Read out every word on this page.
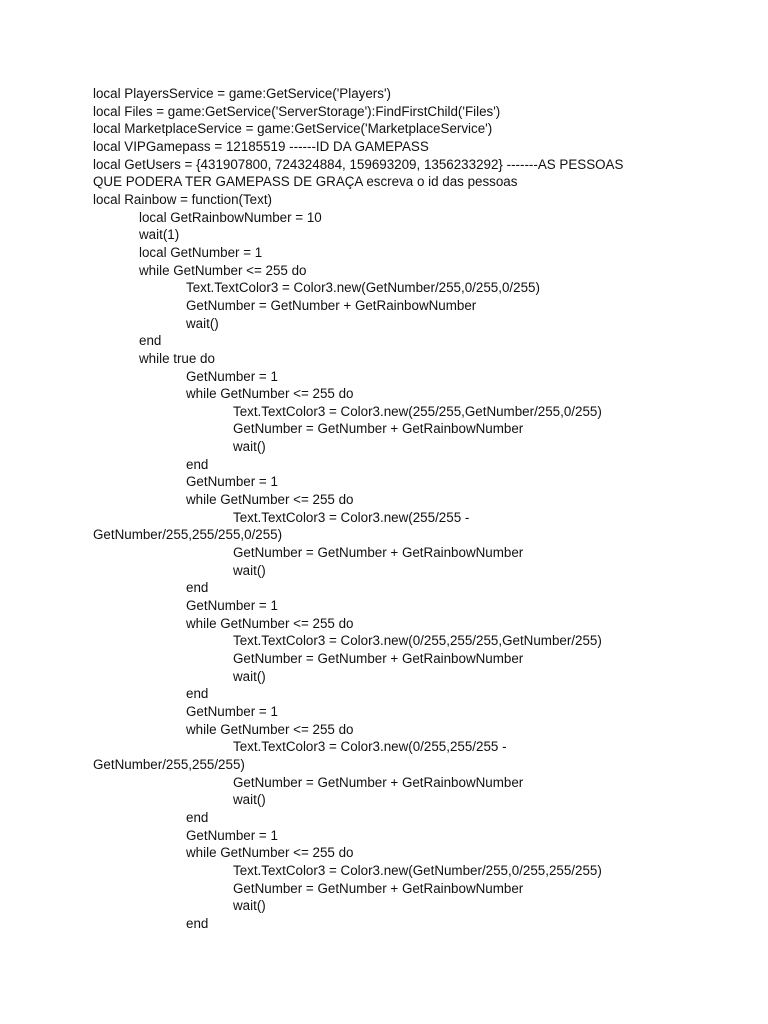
local PlayersService = game:GetService('Players')
local Files = game:GetService('ServerStorage'):FindFirstChild('Files')
local MarketplaceService = game:GetService('MarketplaceService')
local VIPGamepass = 12185519 ------ID DA GAMEPASS
local GetUsers = {431907800, 724324884, 159693209, 1356233292} -------AS PESSOAS
QUE PODERA TER GAMEPASS DE GRAÇA escreva o id das pessoas
local Rainbow = function(Text)
local GetRainbowNumber = 10
wait(1)
local GetNumber = 1
while GetNumber <= 255 do
Text.TextColor3 = Color3.new(GetNumber/255,0/255,0/255)
GetNumber = GetNumber + GetRainbowNumber
wait()
end
while true do
GetNumber = 1
while GetNumber <= 255 do
Text.TextColor3 = Color3.new(255/255,GetNumber/255,0/255)
GetNumber = GetNumber + GetRainbowNumber
wait()
end
GetNumber = 1
while GetNumber <= 255 do
Text.TextColor3 = Color3.new(255/255 -
GetNumber/255,255/255,0/255)
GetNumber = GetNumber + GetRainbowNumber
wait()
end
GetNumber = 1
while GetNumber <= 255 do
Text.TextColor3 = Color3.new(0/255,255/255,GetNumber/255)
GetNumber = GetNumber + GetRainbowNumber
wait()
end
GetNumber = 1
while GetNumber <= 255 do
Text.TextColor3 = Color3.new(0/255,255/255 -
GetNumber/255,255/255)
GetNumber = GetNumber + GetRainbowNumber
wait()
end
GetNumber = 1
while GetNumber <= 255 do
Text.TextColor3 = Color3.new(GetNumber/255,0/255,255/255)
GetNumber = GetNumber + GetRainbowNumber
wait()
end
